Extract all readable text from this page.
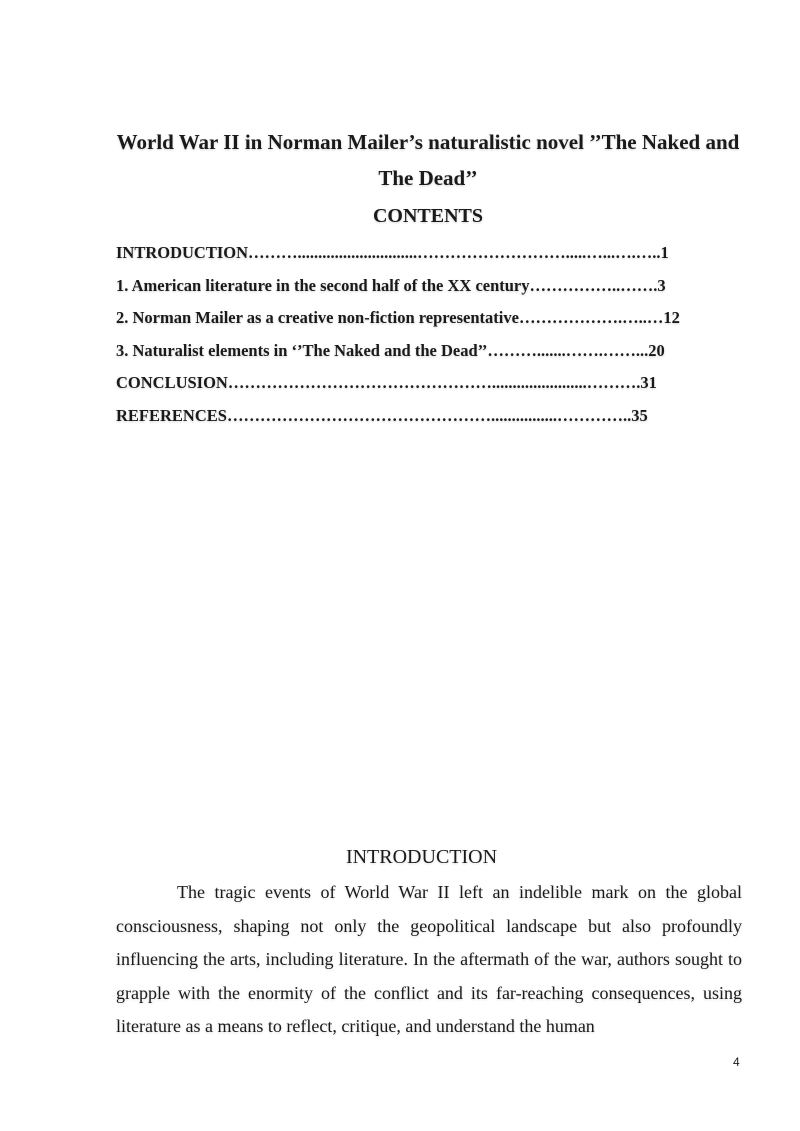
World War II in Norman Mailer’s naturalistic novel ’’The Naked and The Dead’’
CONTENTS
INTRODUCTION……….............................……………………….....…...….…..1
1. American literature in the second half of the XX century……………..…….3
2. Norman Mailer as a creative non-fiction representative……………….…..…12
3. Naturalist elements in ‘’The Naked and the Dead’’……….......…….……...20
CONCLUSION………………………………………….......................……….31
REFERENCES…………………………………………................…………..35
INTRODUCTION

The tragic events of World War II left an indelible mark on the global consciousness, shaping not only the geopolitical landscape but also profoundly influencing the arts, including literature. In the aftermath of the war, authors sought to grapple with the enormity of the conflict and its far-reaching consequences, using literature as a means to reflect, critique, and understand the human

4
